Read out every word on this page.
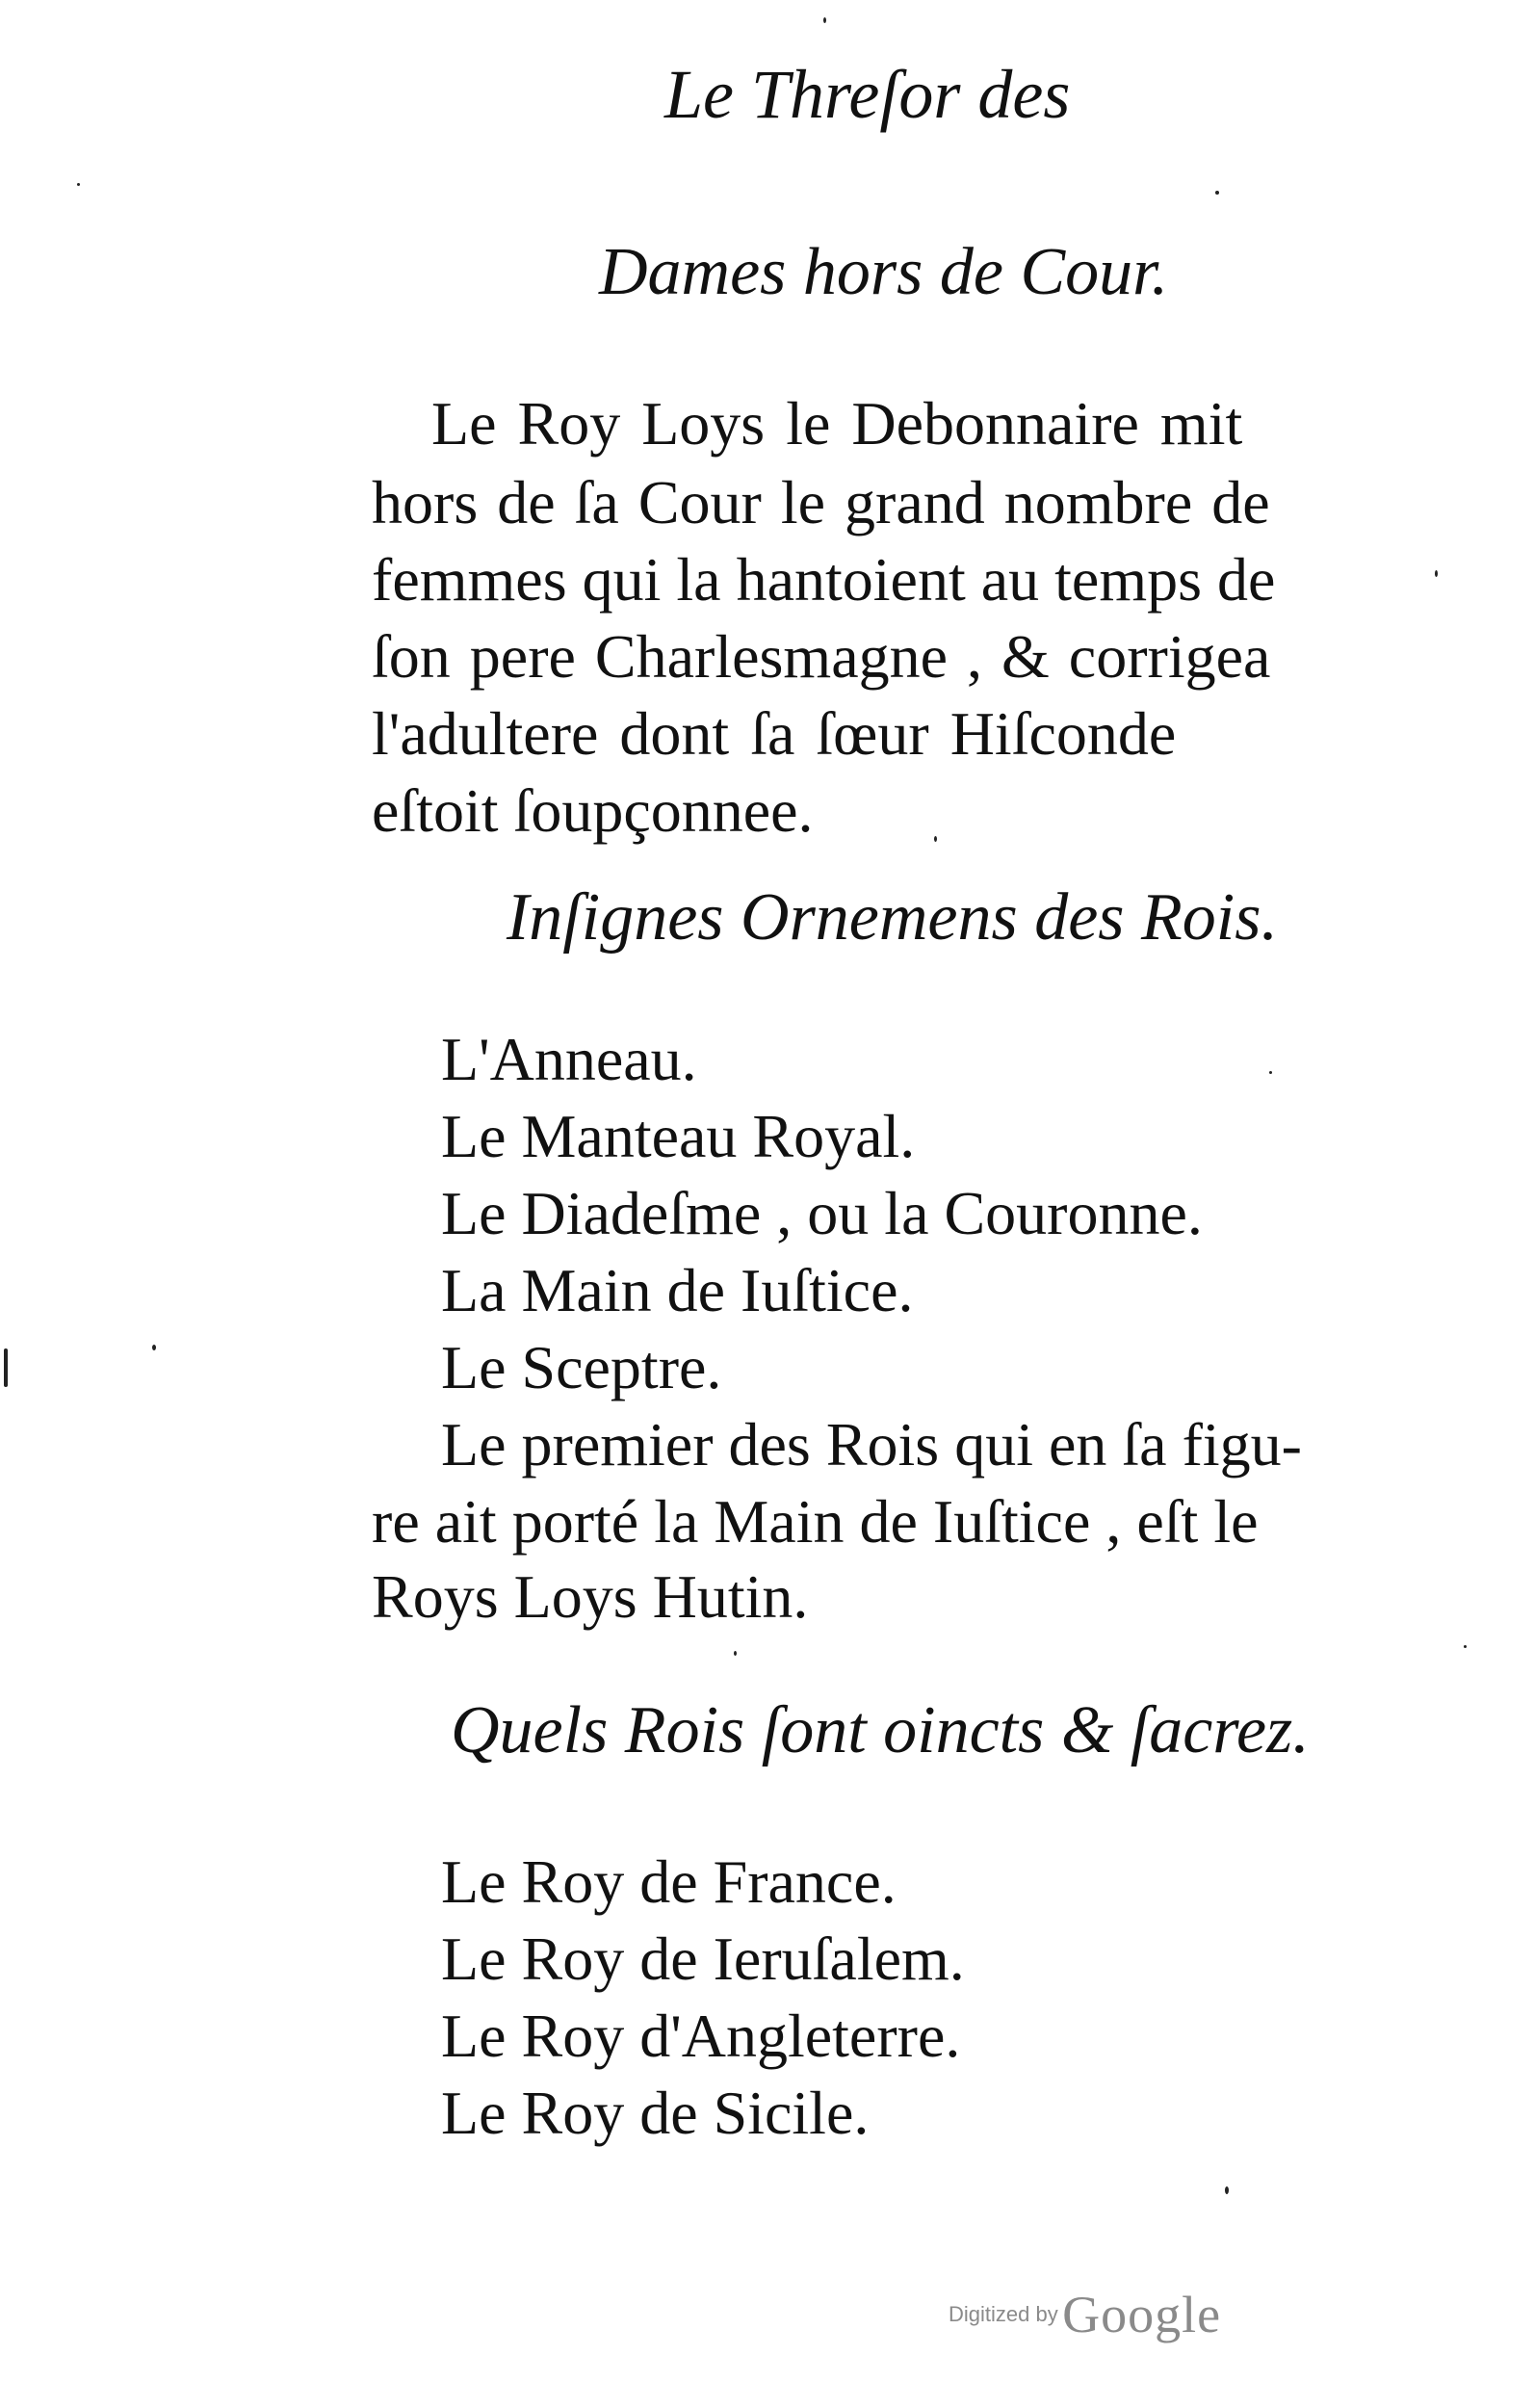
Le Threſor des
Dames hors de Cour.
Le Roy Loys le Debonnaire mit
hors de ſa Cour le grand nombre de
femmes qui la hantoient au temps de
ſon pere Charlesmagne , & corrigea
l'adultere dont ſa ſœur Hiſconde
eſtoit ſoupçonnee.
Inſignes Ornemens des Rois.
L'Anneau.
Le Manteau Royal.
Le Diadeſme , ou la Couronne.
La Main de Iuſtice.
Le Sceptre.
Le premier des Rois qui en ſa figu-
re ait porté la Main de Iuſtice , eſt le
Roys Loys Hutin.
Quels Rois ſont oincts & ſacrez.
Le Roy de France.
Le Roy de Ieruſalem.
Le Roy d'Angleterre.
Le Roy de Sicile.
Digitized by Google
